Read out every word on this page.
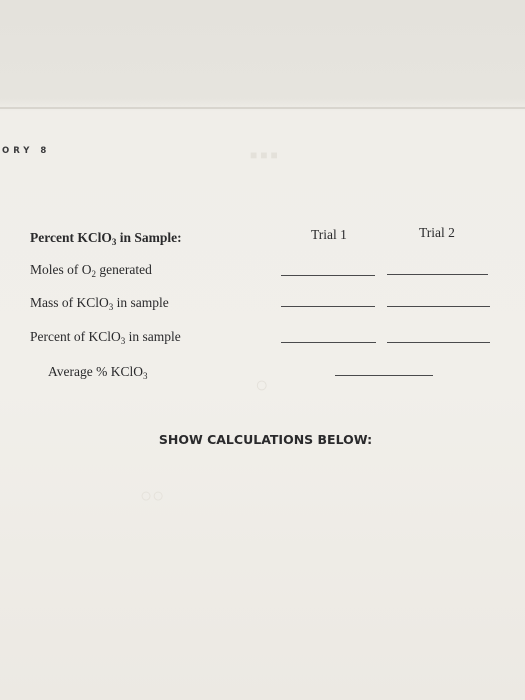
■■■
○
○○
ORY 8
Percent KClO$_3$ in Sample:	Trial 1	Trial 2
Moles of $O_2$ generated
Mass of KClO$_3$ in sample
Percent of KClO$_3$ in sample
Average % KClO$_3$
SHOW CALCULATIONS BELOW:
